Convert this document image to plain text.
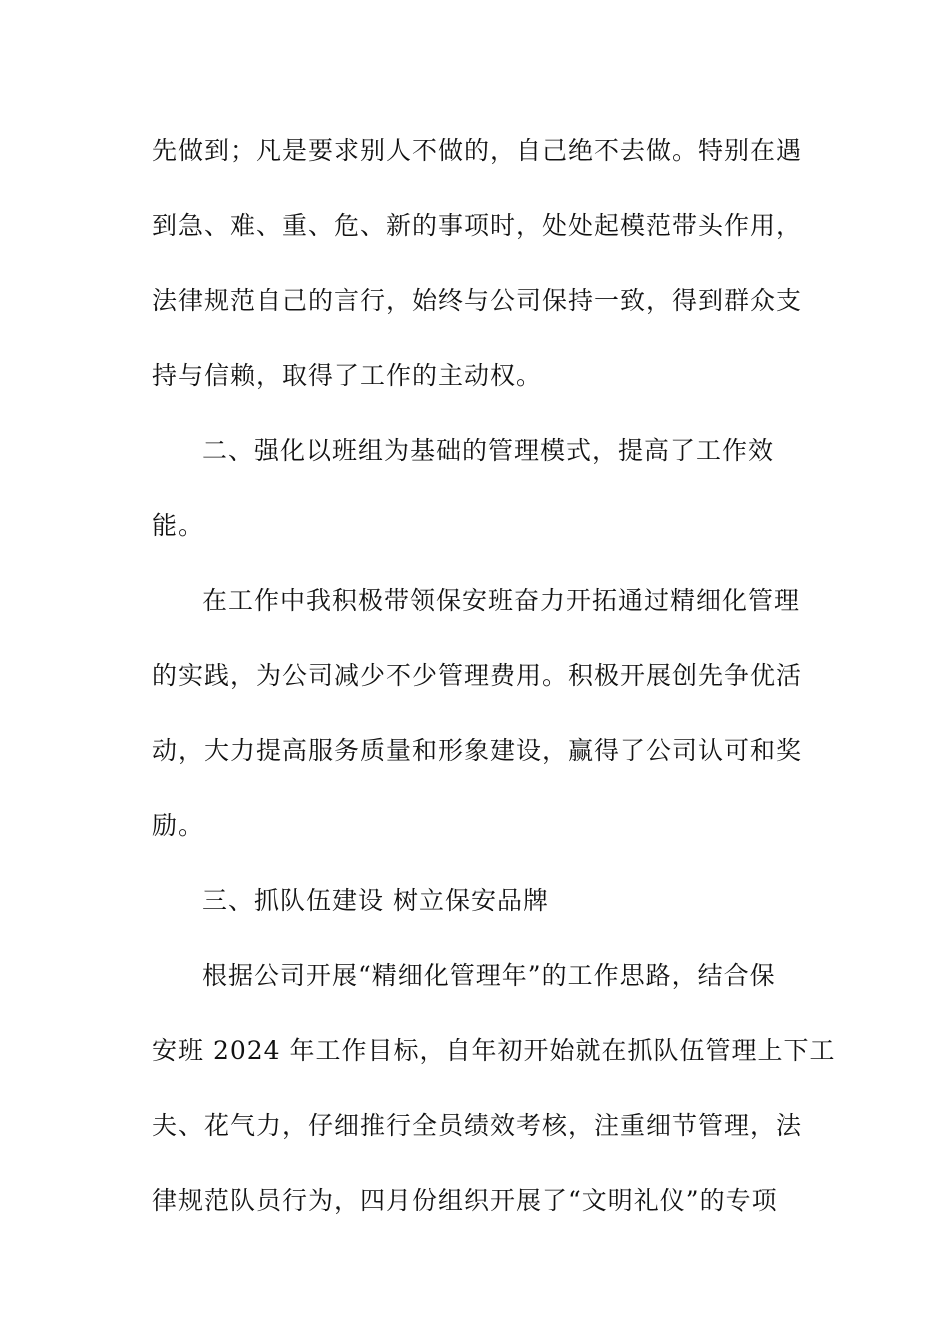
先做到；凡是要求别人不做的，自己绝不去做。特别在遇
到急、难、重、危、新的事项时，处处起模范带头作用，
法律规范自己的言行，始终与公司保持一致，得到群众支
持与信赖，取得了工作的主动权。
二、强化以班组为基础的管理模式，提高了工作效
能。
在工作中我积极带领保安班奋力开拓通过精细化管理
的实践，为公司减少不少管理费用。积极开展创先争优活
动，大力提高服务质量和形象建设，赢得了公司认可和奖
励。
三、抓队伍建设 树立保安品牌
根据公司开展“精细化管理年”的工作思路，结合保
安班 2024 年工作目标，自年初开始就在抓队伍管理上下工
夫、花气力，仔细推行全员绩效考核，注重细节管理，法
律规范队员行为，四月份组织开展了“文明礼仪”的专项
